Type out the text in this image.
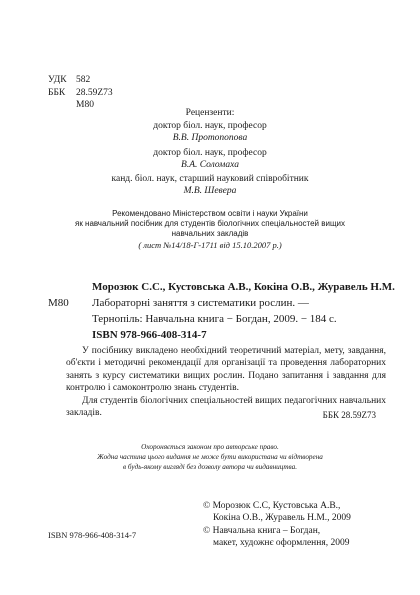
УДК 582
ББК	28.59Z73
М80
Рецензенти:
доктор біол. наук, професор
В.В. Протопопова
доктор біол. наук, професор
В.А. Соломаха
канд. біол. наук, старший науковий співробітник
М.В. Шевера
Рекомендовано Міністерством освіти і науки України
як навчальний посібник для студентів біологічних спеціальностей вищих
навчальних закладів
( лист №14/18-Г-1711 від 15.10.2007 р.)
Морозюк С.С., Кустовська А.В., Кокіна О.В., Журавель Н.М.
М80	Лабораторні заняття з систематики рослин. —
Тернопіль: Навчальна книга − Богдан, 2009. − 184 с.
ISBN 978-966-408-314-7

У посібнику викладено необхідний теоретичний матеріал, мету, завдання, об'єкти і методичні рекомендації для організації та проведення лабораторних занять з курсу систематики вищих рослин. Подано запитання і завдання для контролю і самоконтролю знань студентів.

Для студентів біологічних спеціальностей вищих педагогічних навчальних закладів.	ББК 28.59Z73
Охороняється законом про авторське право.
Жодна частина цього видання не може бути використана чи відтворена
в будь-якому вигляді без дозволу автора чи видавництва.
© Морозюк С.С, Кустовська А.В.,
Кокіна О.В., Журавель Н.М., 2009
© Навчальна книга – Богдан,
макет, художнє оформлення, 2009
ISBN 978-966-408-314-7
